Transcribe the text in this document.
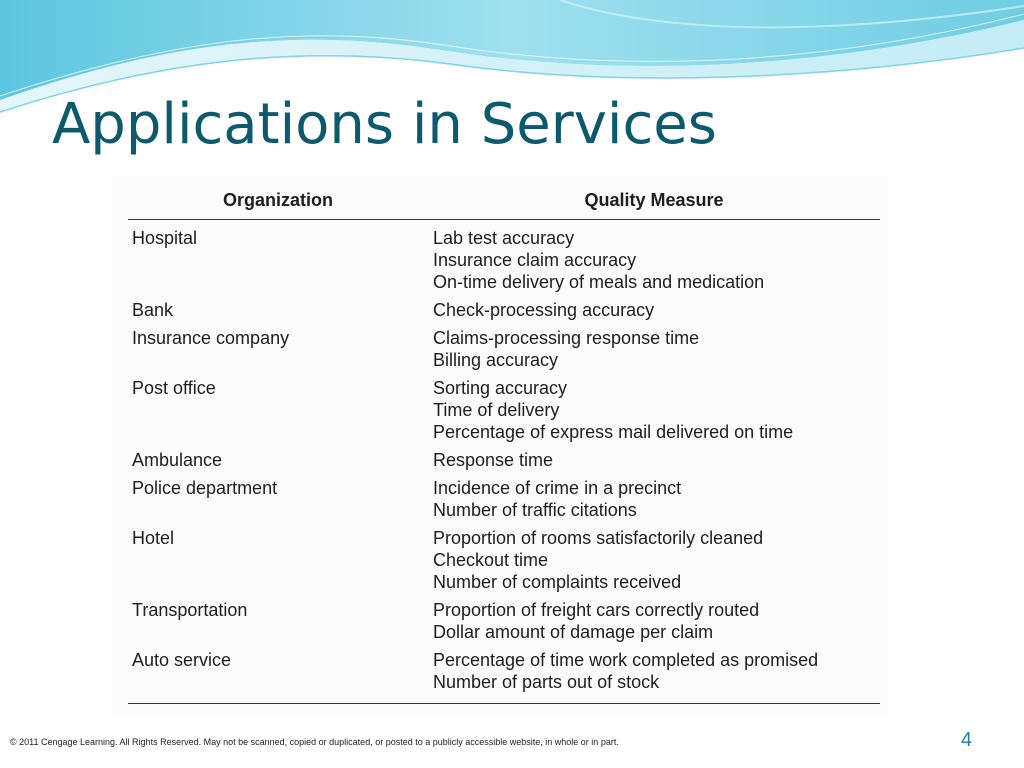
Applications in Services
Organization	Quality Measure
Hospital	Lab test accuracy
Insurance claim accuracy
On-time delivery of meals and medication

Bank	Check-processing accuracy

Insurance company	Claims-processing response time
Billing accuracy

Post office	Sorting accuracy
Time of delivery
Percentage of express mail delivered on time

Ambulance	Response time

Police department	Incidence of crime in a precinct
Number of traffic citations

Hotel	Proportion of rooms satisfactorily cleaned
Checkout time
Number of complaints received

Transportation	Proportion of freight cars correctly routed
Dollar amount of damage per claim

Auto service	Percentage of time work completed as promised
Number of parts out of stock
© 2011 Cengage Learning. All Rights Reserved. May not be scanned, copied or duplicated, or posted to a publicly accessible website, in whole or in part.	4
